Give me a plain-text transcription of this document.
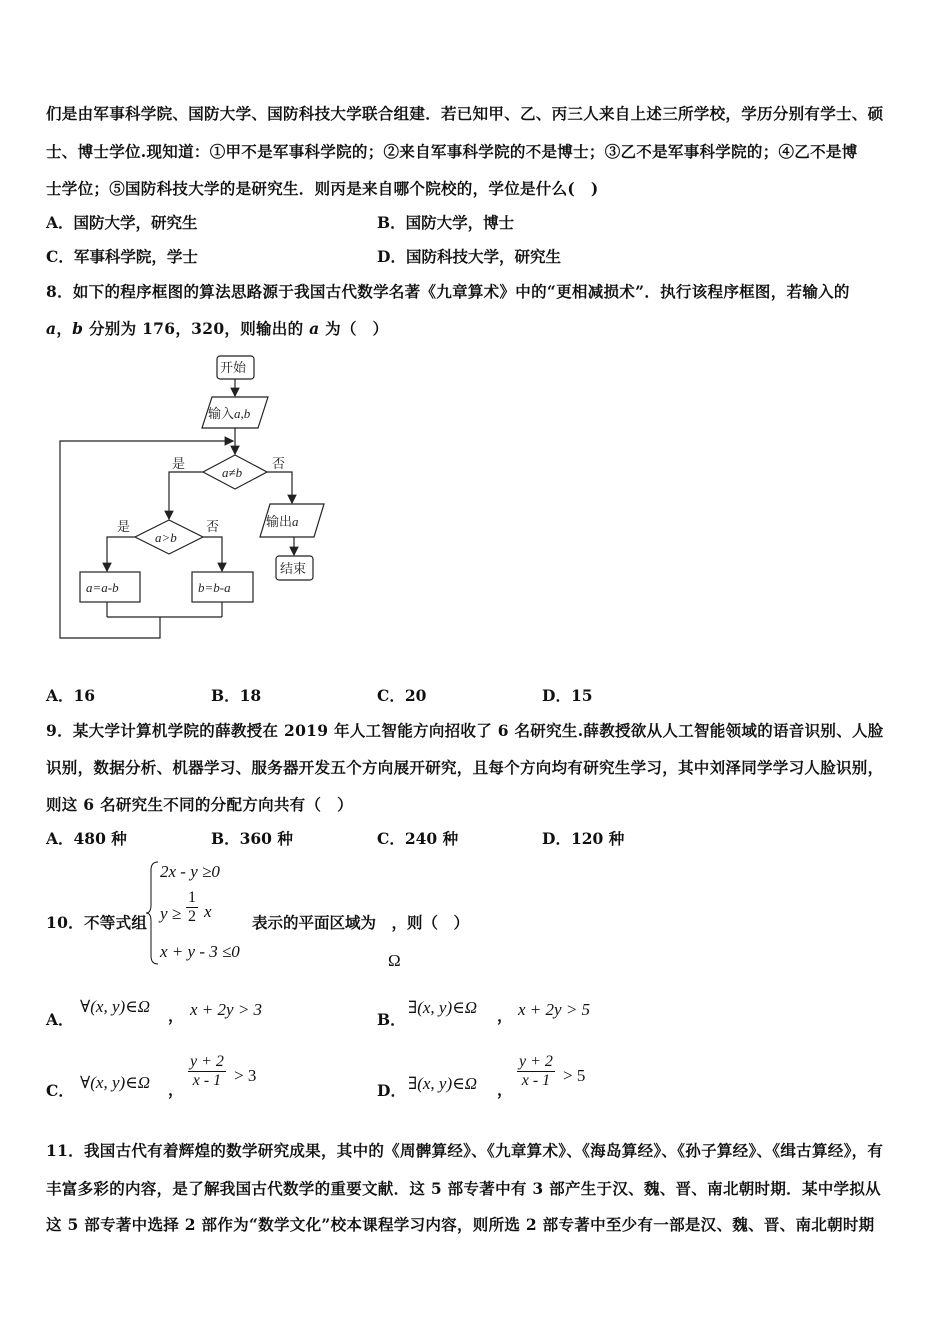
们是由军事科学院、国防大学、国防科技大学联合组建．若已知甲、乙、丙三人来自上述三所学校，学历分别有学士、硕
士、博士学位.现知道：①甲不是军事科学院的；②来自军事科学院的不是博士；③乙不是军事科学院的；④乙不是博
士学位；⑤国防科技大学的是研究生．则丙是来自哪个院校的，学位是什么(　)
A．国防大学，研究生	B．国防大学，博士
C．军事科学院，学士	D．国防科技大学，研究生
8．如下的程序框图的算法思路源于我国古代数学名著《九章算术》中的“更相减损术”．执行该程序框图，若输入的
a，b 分别为 176，320，则输出的 a 为（　）
开始
输入a,b
a≠b
是	否
输出a
结束
a>b
是	否
a=a-b	b=b-a
A．16	B．18	C．20	D．15
9．某大学计算机学院的薛教授在 2019 年人工智能方向招收了 6 名研究生.薛教授欲从人工智能领域的语音识别、人脸
识别，数据分析、机器学习、服务器开发五个方向展开研究，且每个方向均有研究生学习，其中刘泽同学学习人脸识别，
则这 6 名研究生不同的分配方向共有（　）
A．480 种	B．360 种	C．240 种	D．120 种
10．不等式组
2x - y ≥0
$y \ge \frac{1}{2}$ x
x + y - 3 ≤0
表示的平面区域为　，则（　）
Ω
A．
∀(x, y)∈Ω ， x + 2y > 3
B．
∃(x, y)∈Ω ， x + 2y > 5
C． ∀(x, y)∈Ω ， $\frac{y + 2}{x - 1} > 3$
D． ∃(x, y)∈Ω ， $\frac{y + 2}{x - 1} > 5$
11．我国古代有着辉煌的数学研究成果，其中的《周髀算经》、《九章算术》、《海岛算经》、《孙子算经》、《缉古算经》，有
丰富多彩的内容，是了解我国古代数学的重要文献．这 5 部专著中有 3 部产生于汉、魏、晋、南北朝时期．某中学拟从
这 5 部专著中选择 2 部作为“数学文化”校本课程学习内容，则所选 2 部专著中至少有一部是汉、魏、晋、南北朝时期
